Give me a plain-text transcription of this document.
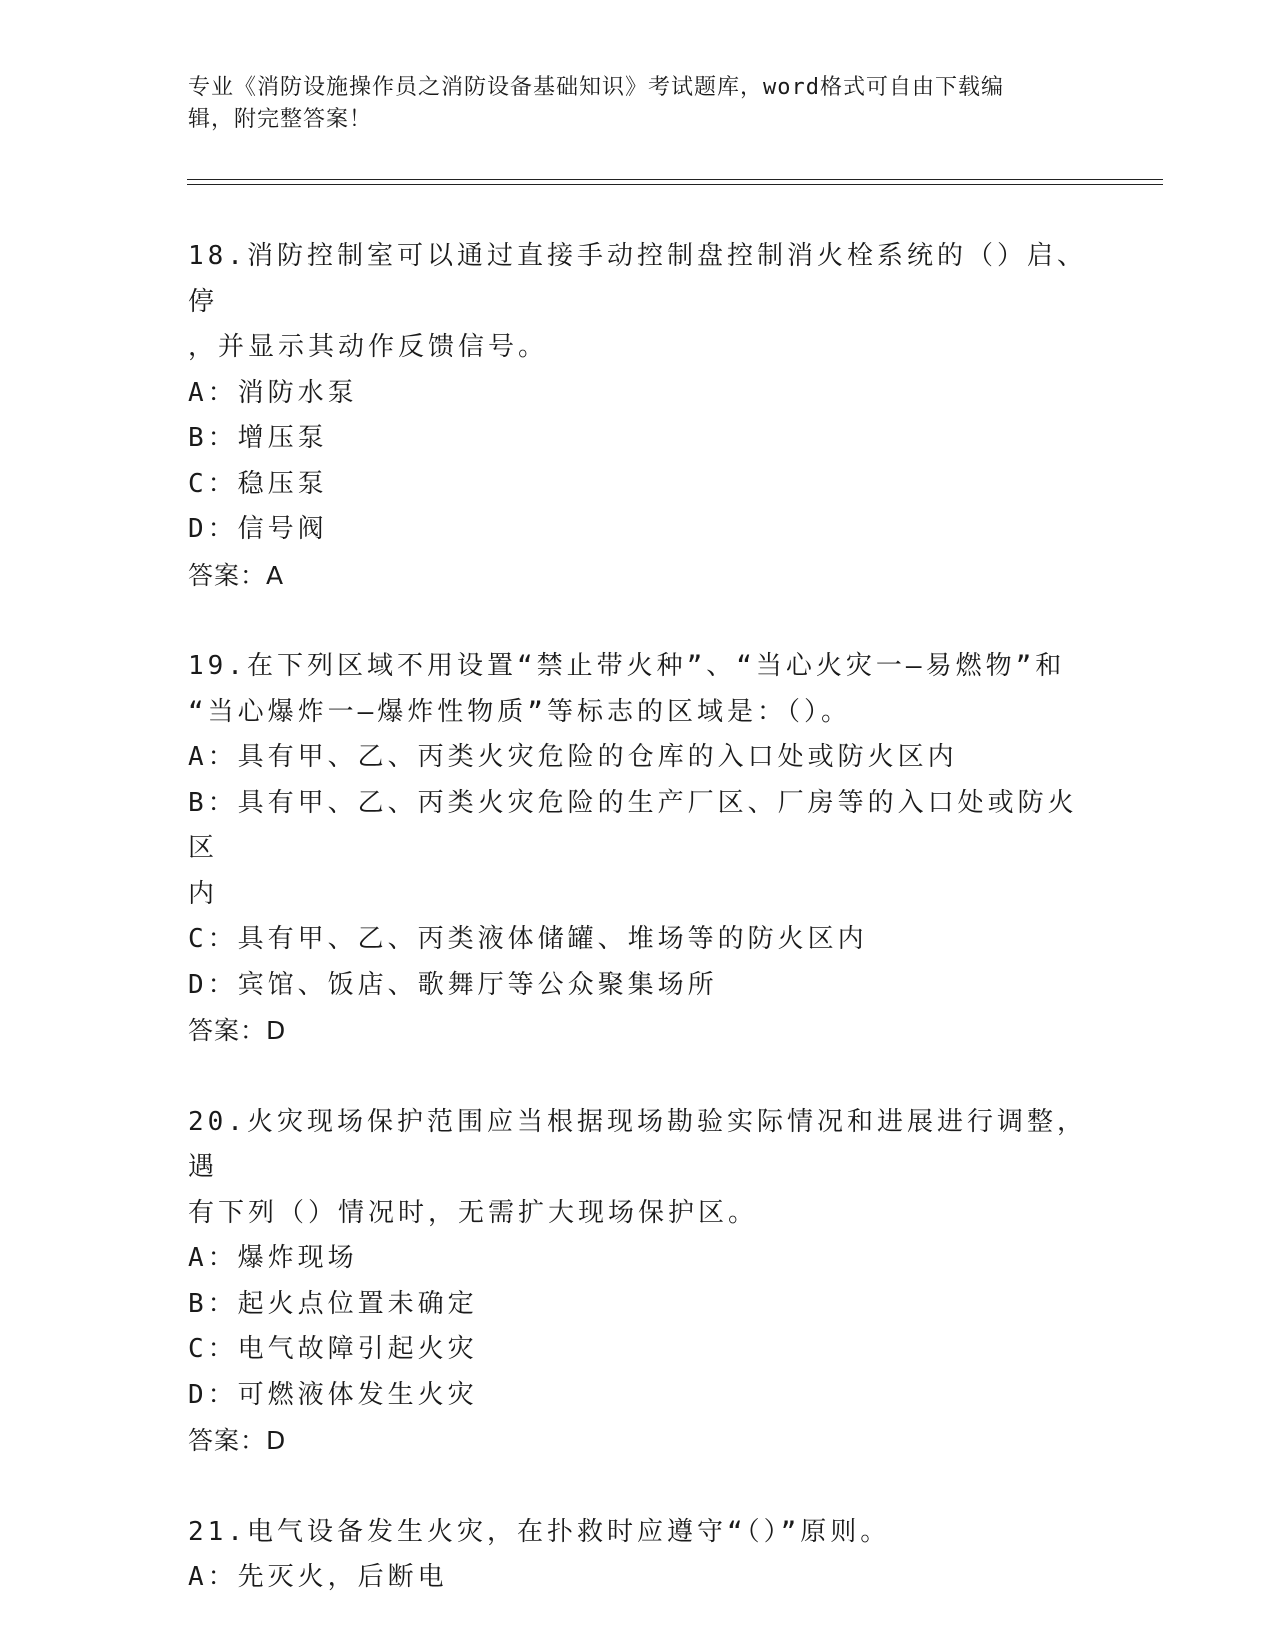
专业《消防设施操作员之消防设备基础知识》考试题库，word格式可自由下载编
辑，附完整答案！

18.消防控制室可以通过直接手动控制盘控制消火栓系统的（）启、停

，并显示其动作反馈信号。

A：消防水泵

B：增压泵

C：稳压泵

D：信号阀

答案：A

19.在下列区域不用设置“禁止带火种”、“当心火灾一—易燃物”和

“当心爆炸一—爆炸性物质”等标志的区域是：（）。

A：具有甲、乙、丙类火灾危险的仓库的入口处或防火区内

B：具有甲、乙、丙类火灾危险的生产厂区、厂房等的入口处或防火区

内

C：具有甲、乙、丙类液体储罐、堆场等的防火区内

D：宾馆、饭店、歌舞厅等公众聚集场所

答案：D

20.火灾现场保护范围应当根据现场勘验实际情况和进展进行调整，遇

有下列（）情况时，无需扩大现场保护区。

A：爆炸现场

B：起火点位置未确定

C：电气故障引起火灾

D：可燃液体发生火灾

答案：D

21.电气设备发生火灾，在扑救时应遵守“（）”原则。

A：先灭火，后断电
